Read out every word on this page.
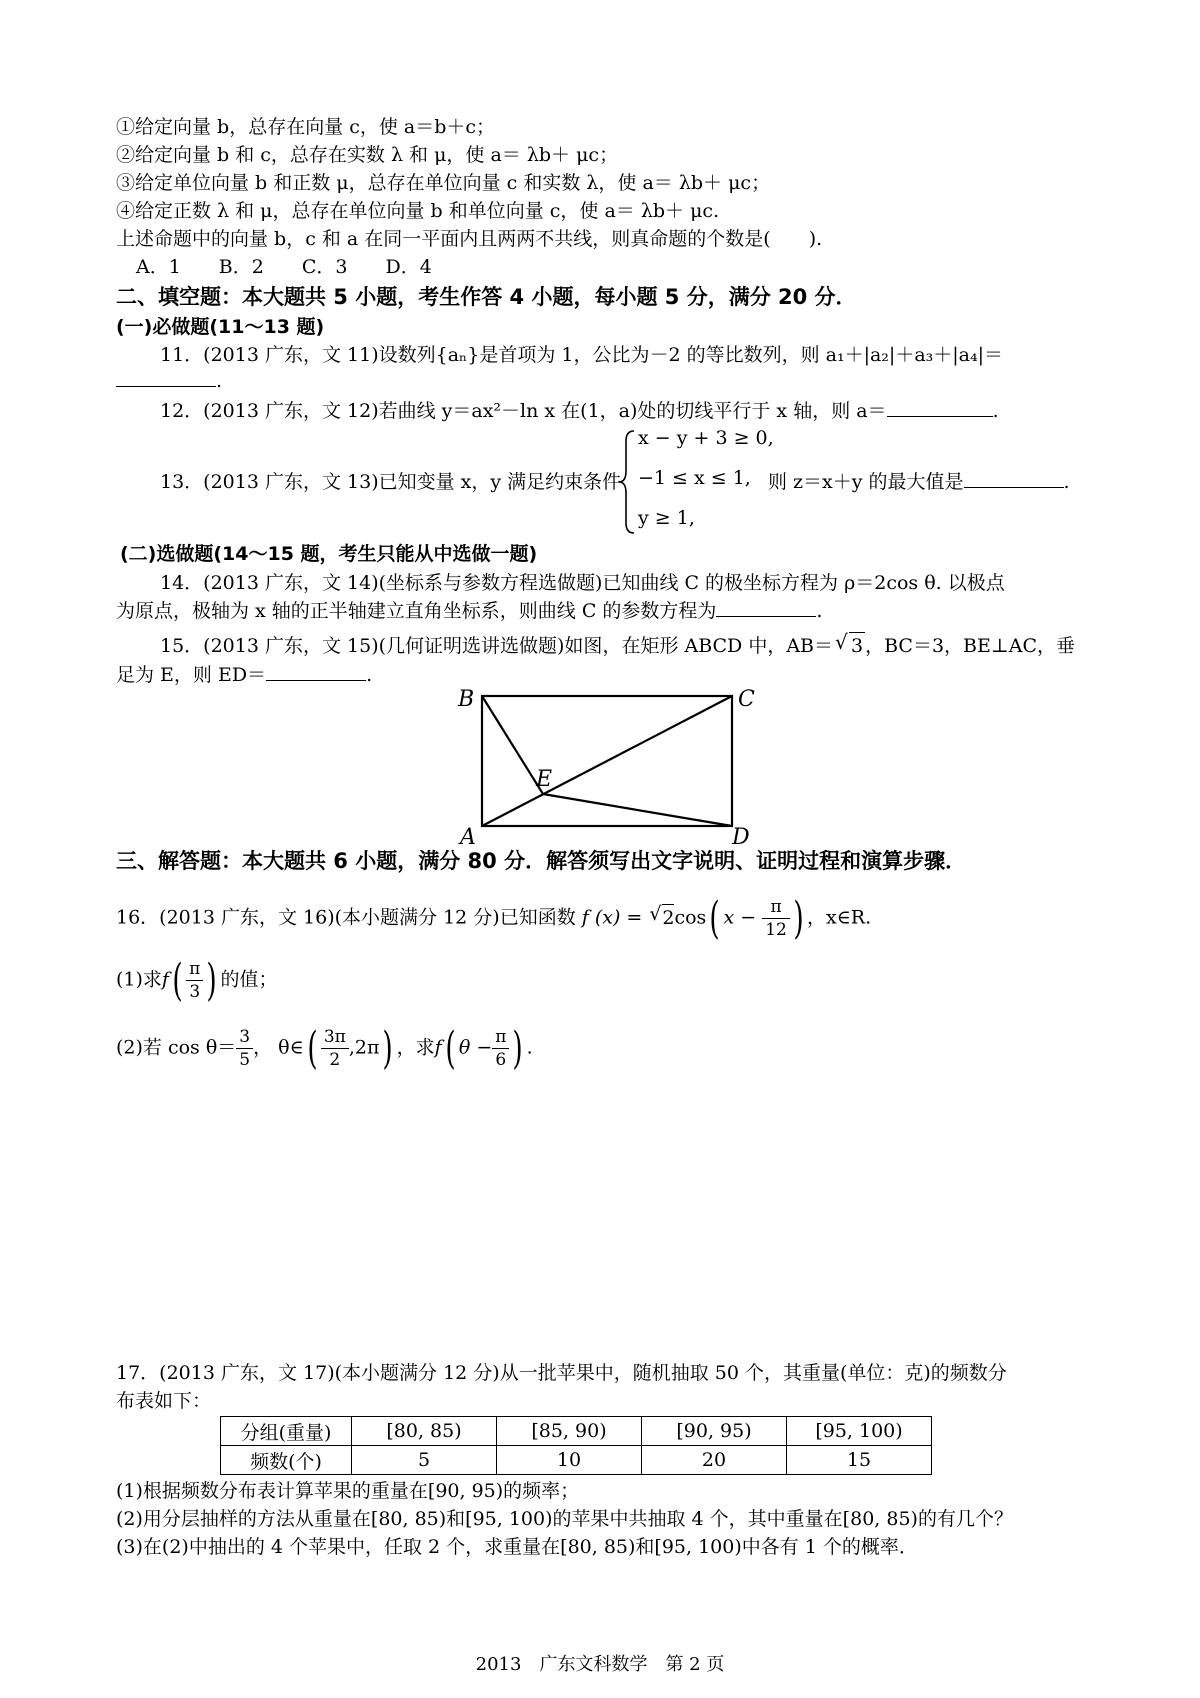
①给定向量 b，总存在向量 c，使 a＝b＋c；
②给定向量 b 和 c，总存在实数 λ 和 μ，使 a＝ λb＋ μc；
③给定单位向量 b 和正数 μ，总存在单位向量 c 和实数 λ，使 a＝ λb＋ μc；
④给定正数 λ 和 μ，总存在单位向量 b 和单位向量 c，使 a＝ λb＋ μc.
上述命题中的向量 b，c 和 a 在同一平面内且两两不共线，则真命题的个数是(　　).
A．1　　B．2　　C．3　　D．4
二、填空题：本大题共 5 小题，考生作答 4 小题，每小题 5 分，满分 20 分．
(一)必做题(11～13 题)
11．(2013 广东，文 11)设数列{aₙ}是首项为 1，公比为－2 的等比数列，则 a₁＋|a₂|＋a₃＋|a₄|＝
.
12．(2013 广东，文 12)若曲线 y＝ax²－ln x 在(1，a)处的切线平行于 x 轴，则 a＝	.
13．(2013 广东，文 13)已知变量 x，y 满足约束条件
x − y + 3 ≥ 0,
−1 ≤ x ≤ 1,
y ≥ 1,
则 z＝x＋y 的最大值是	.
(二)选做题(14～15 题，考生只能从中选做一题)
14．(2013 广东，文 14)(坐标系与参数方程选做题)已知曲线 C 的极坐标方程为 ρ＝2cos θ. 以极点
为原点，极轴为 x 轴的正半轴建立直角坐标系，则曲线 C 的参数方程为	.
15．(2013 广东，文 15)(几何证明选讲选做题)如图，在矩形 ABCD 中，AB＝ √ 3 ，BC＝3，BE⊥AC，垂
足为 E，则 ED＝	.
B	C
E
A	D
三、解答题：本大题共 6 小题，满分 80 分．解答须写出文字说明、证明过程和演算步骤．
16．(2013 广东，文 16)(本小题满分 12 分)已知函数 f (x) = √ 2cos( $x - \frac{\pi}{12}$ ) ，x∈R.
(1)求$f( \frac{\pi}{3}$ ) 的值；
(2)若 $\cos \theta= \frac{3}{5}$ ， θ∈( $\frac{3\pi}{2} ,2\pi$) ，求f( $\theta - \frac{\pi}{6}$ ) .
17．(2013 广东，文 17)(本小题满分 12 分)从一批苹果中，随机抽取 50 个，其重量(单位：克)的频数分
布表如下：
分组(重量)	[80, 85)	[85, 90)	[90, 95)	[95, 100)
频数(个)	5	10	20	15
(1)根据频数分布表计算苹果的重量在[90, 95)的频率；
(2)用分层抽样的方法从重量在[80, 85)和[95, 100)的苹果中共抽取 4 个，其中重量在[80, 85)的有几个？
(3)在(2)中抽出的 4 个苹果中，任取 2 个，求重量在[80, 85)和[95, 100)中各有 1 个的概率．
2013　广东文科数学　第 2 页
